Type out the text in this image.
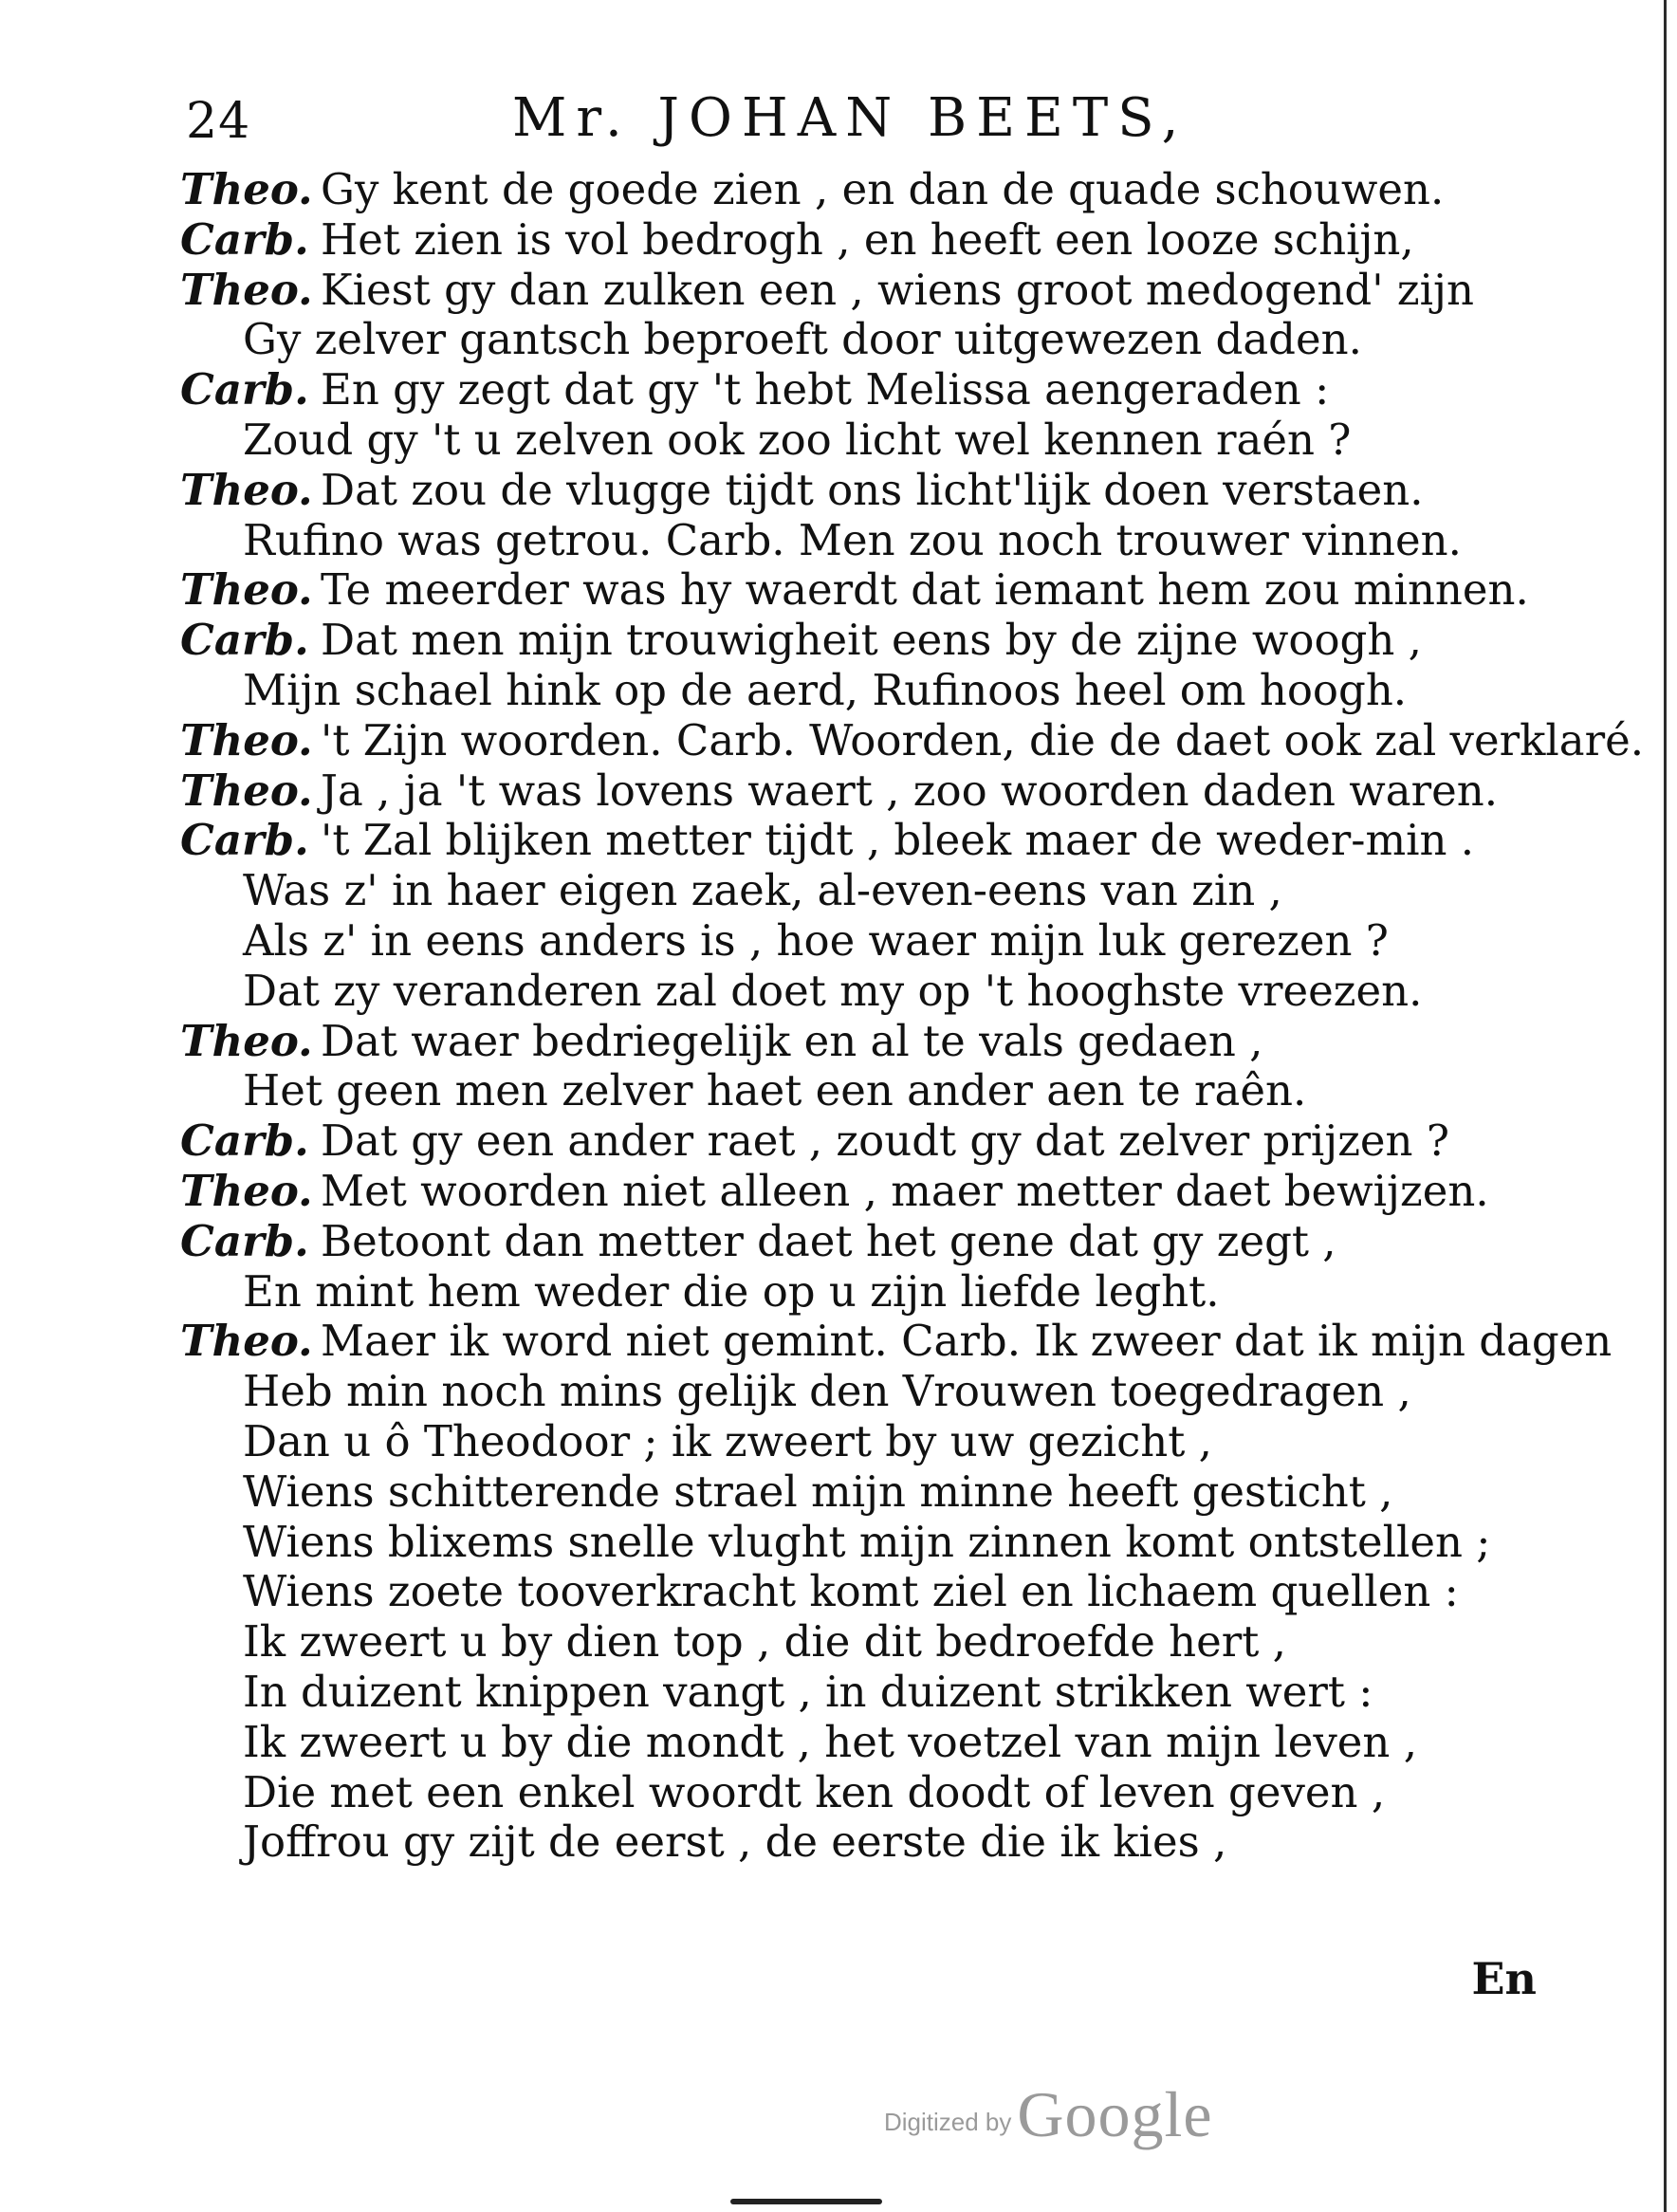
24	Mr. JOHAN BEETS,
Theo. Gy kent de goede zien , en dan de quade schouwen.
Carb. Het zien is vol bedrogh , en heeft een looze schijn,
Theo. Kiest gy dan zulken een , wiens groot medogend' zijn
Gy zelver gantsch beproeft door uitgewezen daden.
Carb. En gy zegt dat gy 't hebt Melissa aengeraden :
Zoud gy 't u zelven ook zoo licht wel kennen raén ?
Theo. Dat zou de vlugge tijdt ons licht'lijk doen verstaen.
Rufino was getrou. Carb. Men zou noch trouwer vinnen.
Theo. Te meerder was hy waerdt dat iemant hem zou minnen.
Carb. Dat men mijn trouwigheit eens by de zijne woogh ,
Mijn schael hink op de aerd, Rufinoos heel om hoogh.
Theo. 't Zijn woorden. Carb. Woorden, die de daet ook zal verklaré.
Theo. Ja , ja 't was lovens waert , zoo woorden daden waren.
Carb. 't Zal blijken metter tijdt , bleek maer de weder-min .
Was z' in haer eigen zaek, al-even-eens van zin ,
Als z' in eens anders is , hoe waer mijn luk gerezen ?
Dat zy veranderen zal doet my op 't hooghste vreezen.
Theo. Dat waer bedriegelijk en al te vals gedaen ,
Het geen men zelver haet een ander aen te raên.
Carb. Dat gy een ander raet , zoudt gy dat zelver prijzen ?
Theo. Met woorden niet alleen , maer metter daet bewijzen.
Carb. Betoont dan metter daet het gene dat gy zegt ,
En mint hem weder die op u zijn liefde leght.
Theo. Maer ik word niet gemint. Carb. Ik zweer dat ik mijn dagen
Heb min noch mins gelijk den Vrouwen toegedragen ,
Dan u ô Theodoor ; ik zweert by uw gezicht ,
Wiens schitterende strael mijn minne heeft gesticht ,
Wiens blixems snelle vlught mijn zinnen komt ontstellen ;
Wiens zoete tooverkracht komt ziel en lichaem quellen :
Ik zweert u by dien top , die dit bedroefde hert ,
In duizent knippen vangt , in duizent strikken wert :
Ik zweert u by die mondt , het voetzel van mijn leven ,
Die met een enkel woordt ken doodt of leven geven ,
Joffrou gy zijt de eerst , de eerste die ik kies ,
En
Digitized byGoogle
